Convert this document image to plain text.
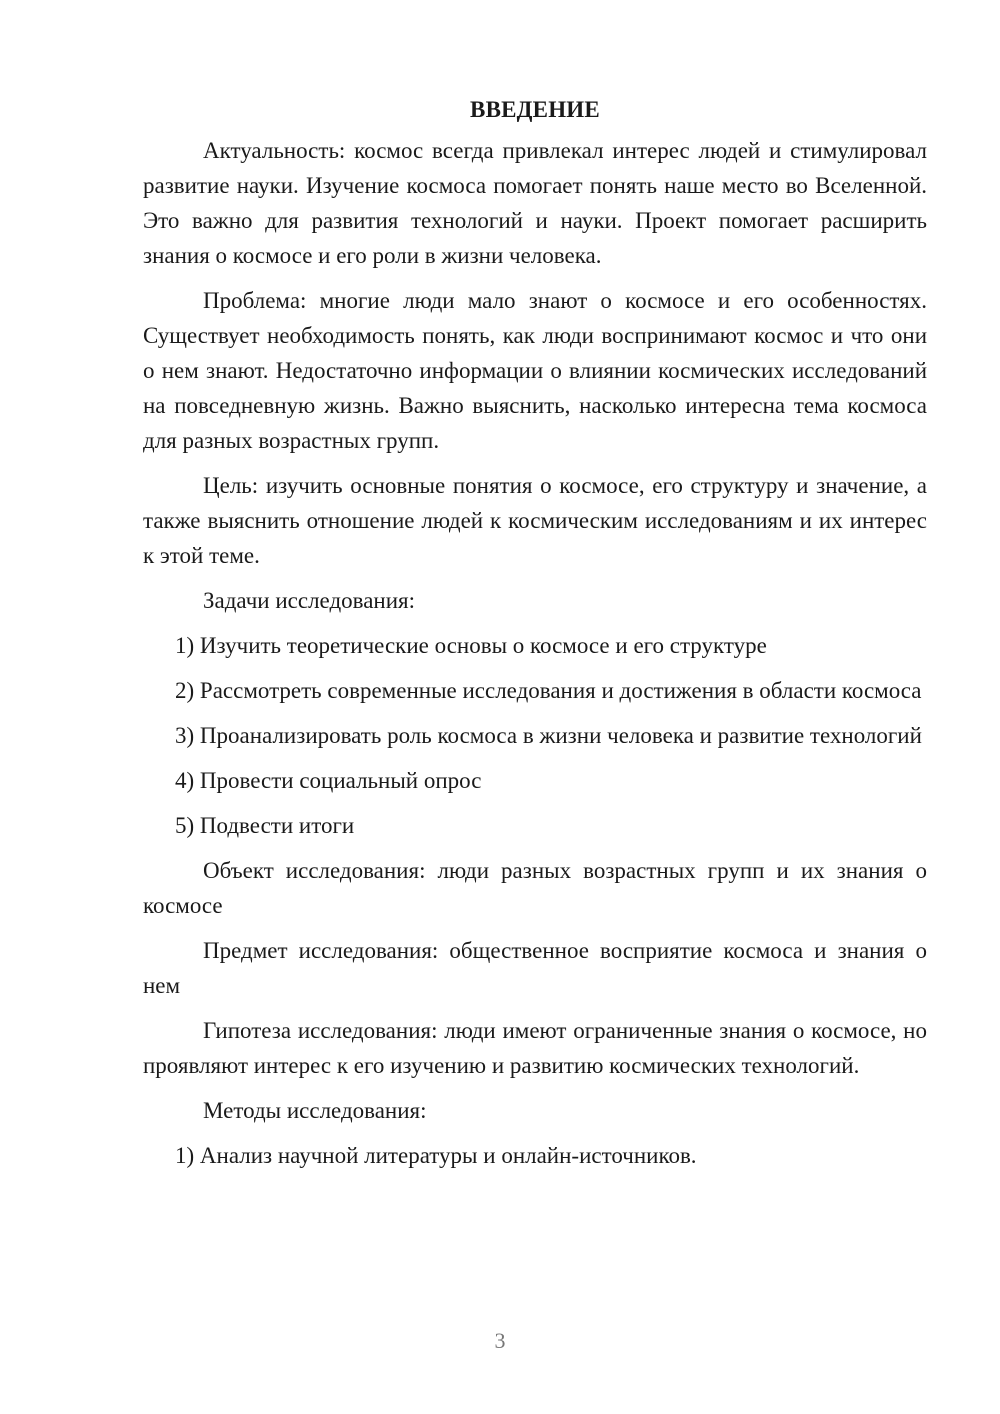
ВВЕДЕНИЕ

Актуальность: космос всегда привлекал интерес людей и стимулировал развитие науки. Изучение космоса помогает понять наше место во Вселенной. Это важно для развития технологий и науки. Проект помогает расширить знания о космосе и его роли в жизни человека.

Проблема: многие люди мало знают о космосе и его особенностях. Существует необходимость понять, как люди воспринимают космос и что они о нем знают. Недостаточно информации о влиянии космических исследований на повседневную жизнь. Важно выяснить, насколько интересна тема космоса для разных возрастных групп.

Цель: изучить основные понятия о космосе, его структуру и значение, а также выяснить отношение людей к космическим исследованиям и их интерес к этой теме.

Задачи исследования:

1) Изучить теоретические основы о космосе и его структуре

2) Рассмотреть современные исследования и достижения в области космоса

3) Проанализировать роль космоса в жизни человека и развитие технологий

4) Провести социальный опрос

5) Подвести итоги

Объект исследования: люди разных возрастных групп и их знания о космосе

Предмет исследования: общественное восприятие космоса и знания о нем

Гипотеза исследования: люди имеют ограниченные знания о космосе, но проявляют интерес к его изучению и развитию космических технологий.

Методы исследования:

1) Анализ научной литературы и онлайн-источников.

3
